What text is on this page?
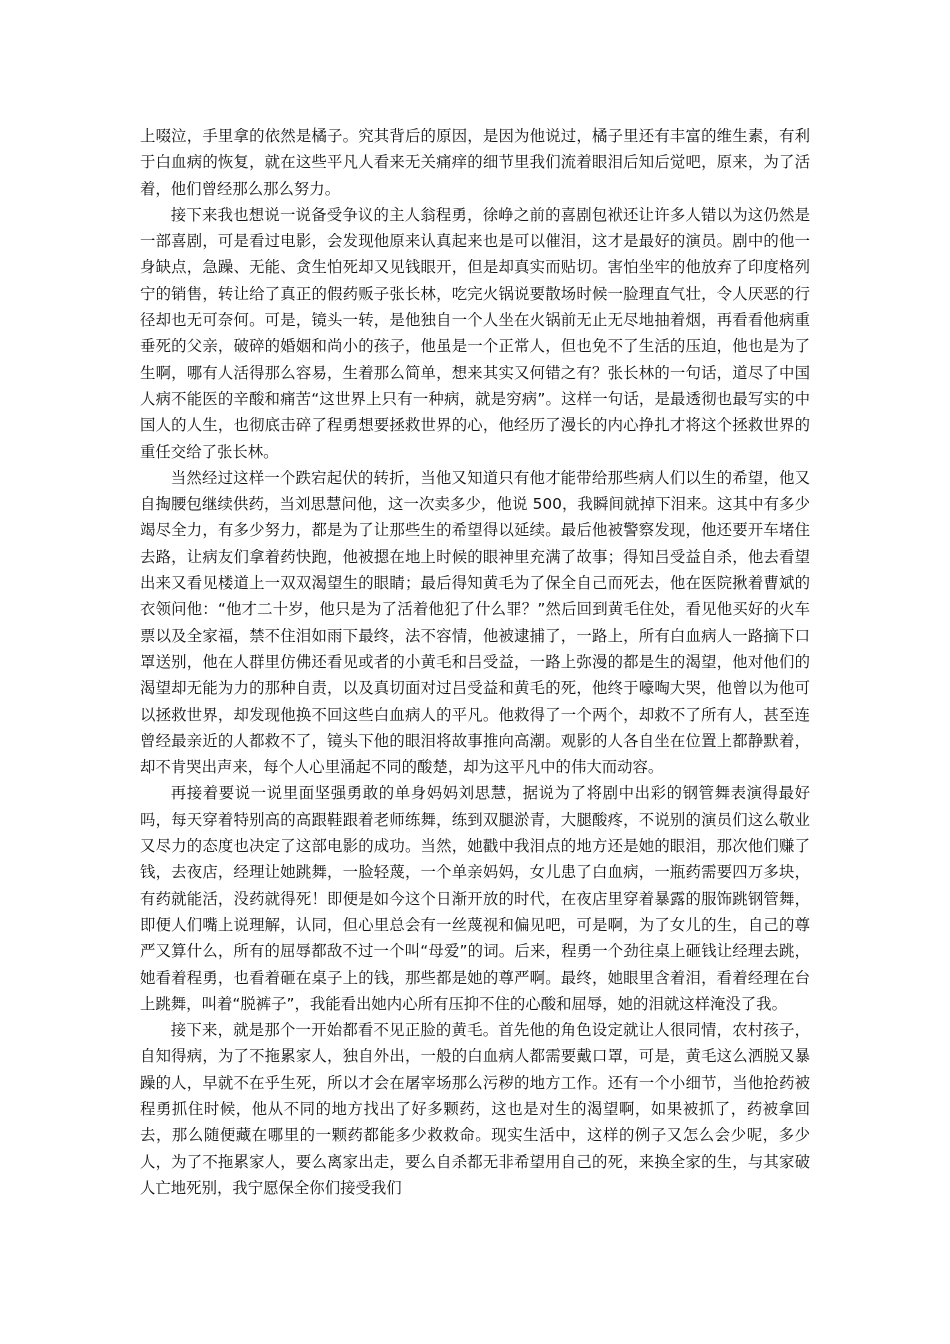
上啜泣，手里拿的依然是橘子。究其背后的原因，是因为他说过，橘子里还有丰富的维生素，有利于白血病的恢复，就在这些平凡人看来无关痛痒的细节里我们流着眼泪后知后觉吧，原来，为了活着，他们曾经那么那么努力。

接下来我也想说一说备受争议的主人翁程勇，徐峥之前的喜剧包袱还让许多人错以为这仍然是一部喜剧，可是看过电影，会发现他原来认真起来也是可以催泪，这才是最好的演员。剧中的他一身缺点，急躁、无能、贪生怕死却又见钱眼开，但是却真实而贴切。害怕坐牢的他放弃了印度格列宁的销售，转让给了真正的假药贩子张长林，吃完火锅说要散场时候一脸理直气壮，令人厌恶的行径却也无可奈何。可是，镜头一转，是他独自一个人坐在火锅前无止无尽地抽着烟，再看看他病重垂死的父亲，破碎的婚姻和尚小的孩子，他虽是一个正常人，但也免不了生活的压迫，他也是为了生啊，哪有人活得那么容易，生着那么简单，想来其实又何错之有？张长林的一句话，道尽了中国人病不能医的辛酸和痛苦“这世界上只有一种病，就是穷病”。这样一句话，是最透彻也最写实的中国人的人生，也彻底击碎了程勇想要拯救世界的心，他经历了漫长的内心挣扎才将这个拯救世界的重任交给了张长林。

当然经过这样一个跌宕起伏的转折，当他又知道只有他才能带给那些病人们以生的希望，他又自掏腰包继续供药，当刘思慧问他，这一次卖多少，他说 500，我瞬间就掉下泪来。这其中有多少竭尽全力，有多少努力，都是为了让那些生的希望得以延续。最后他被警察发现，他还要开车堵住去路，让病友们拿着药快跑，他被摁在地上时候的眼神里充满了故事；得知吕受益自杀，他去看望出来又看见楼道上一双双渴望生的眼睛；最后得知黄毛为了保全自己而死去，他在医院揪着曹斌的衣领问他：“他才二十岁，他只是为了活着他犯了什么罪？”然后回到黄毛住处，看见他买好的火车票以及全家福，禁不住泪如雨下最终，法不容情，他被逮捕了，一路上，所有白血病人一路摘下口罩送别，他在人群里仿佛还看见或者的小黄毛和吕受益，一路上弥漫的都是生的渴望，他对他们的渴望却无能为力的那种自责，以及真切面对过吕受益和黄毛的死，他终于嚎啕大哭，他曾以为他可以拯救世界，却发现他换不回这些白血病人的平凡。他救得了一个两个，却救不了所有人，甚至连曾经最亲近的人都救不了，镜头下他的眼泪将故事推向高潮。观影的人各自坐在位置上都静默着，却不肯哭出声来，每个人心里涌起不同的酸楚，却为这平凡中的伟大而动容。

再接着要说一说里面坚强勇敢的单身妈妈刘思慧，据说为了将剧中出彩的钢管舞表演得最好吗，每天穿着特别高的高跟鞋跟着老师练舞，练到双腿淤青，大腿酸疼，不说别的演员们这么敬业又尽力的态度也决定了这部电影的成功。当然，她戳中我泪点的地方还是她的眼泪，那次他们赚了钱，去夜店，经理让她跳舞，一脸轻蔑，一个单亲妈妈，女儿患了白血病，一瓶药需要四万多块，有药就能活，没药就得死！即便是如今这个日渐开放的时代，在夜店里穿着暴露的服饰跳钢管舞，即便人们嘴上说理解，认同，但心里总会有一丝蔑视和偏见吧，可是啊，为了女儿的生，自己的尊严又算什么，所有的屈辱都敌不过一个叫“母爱”的词。后来，程勇一个劲往桌上砸钱让经理去跳，她看着程勇，也看着砸在桌子上的钱，那些都是她的尊严啊。最终，她眼里含着泪，看着经理在台上跳舞，叫着“脱裤子”，我能看出她内心所有压抑不住的心酸和屈辱，她的泪就这样淹没了我。

接下来，就是那个一开始都看不见正脸的黄毛。首先他的角色设定就让人很同情，农村孩子，自知得病，为了不拖累家人，独自外出，一般的白血病人都需要戴口罩，可是，黄毛这么洒脱又暴躁的人，早就不在乎生死，所以才会在屠宰场那么污秽的地方工作。还有一个小细节，当他抢药被程勇抓住时候，他从不同的地方找出了好多颗药，这也是对生的渴望啊，如果被抓了，药被拿回去，那么随便藏在哪里的一颗药都能多少救救命。现实生活中，这样的例子又怎么会少呢，多少人，为了不拖累家人，要么离家出走，要么自杀都无非希望用自己的死，来换全家的生，与其家破人亡地死别，我宁愿保全你们接受我们
